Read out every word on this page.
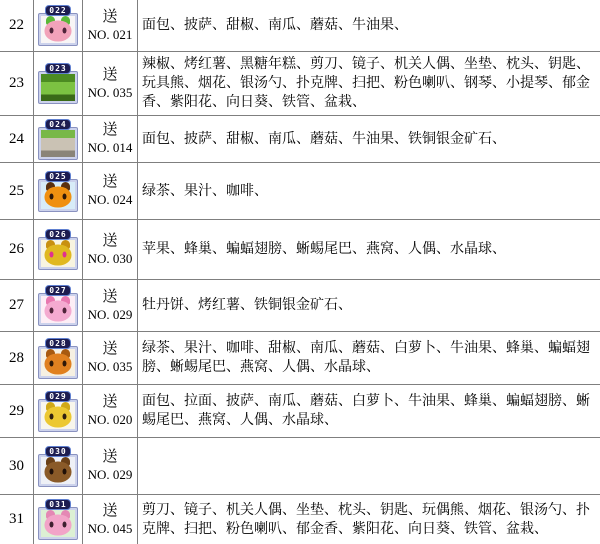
22
022 送
NO. 021
面包、披萨、甜椒、南瓜、蘑菇、牛油果、
23
023 送
NO. 035
辣椒、烤红薯、黑糖年糕、剪刀、镜子、机关人偶、坐垫、枕头、钥匙、玩具熊、烟花、银汤勺、扑克牌、扫把、粉色喇叭、钢琴、小提琴、郁金香、紫阳花、向日葵、铁管、盆栽、
24
024 送
NO. 014
面包、披萨、甜椒、南瓜、蘑菇、牛油果、铁铜银金矿石、
25
025 送
NO. 024
绿茶、果汁、咖啡、
26
026 送
NO. 030
苹果、蜂巢、蝙蝠翅膀、蜥蜴尾巴、燕窝、人偶、水晶球、
27
027 送
NO. 029
牡丹饼、烤红薯、铁铜银金矿石、
28
028 送
NO. 035
绿茶、果汁、咖啡、甜椒、南瓜、蘑菇、白萝卜、牛油果、蜂巢、蝙蝠翅膀、蜥蜴尾巴、燕窝、人偶、水晶球、
29
029 送
NO. 020
面包、拉面、披萨、南瓜、蘑菇、白萝卜、牛油果、蜂巢、蝙蝠翅膀、蜥蜴尾巴、燕窝、人偶、水晶球、
30
030 送
NO. 029
31
031 送
NO. 045
剪刀、镜子、机关人偶、坐垫、枕头、钥匙、玩偶熊、烟花、银汤勺、扑克牌、扫把、粉色喇叭、郁金香、紫阳花、向日葵、铁管、盆栽、
